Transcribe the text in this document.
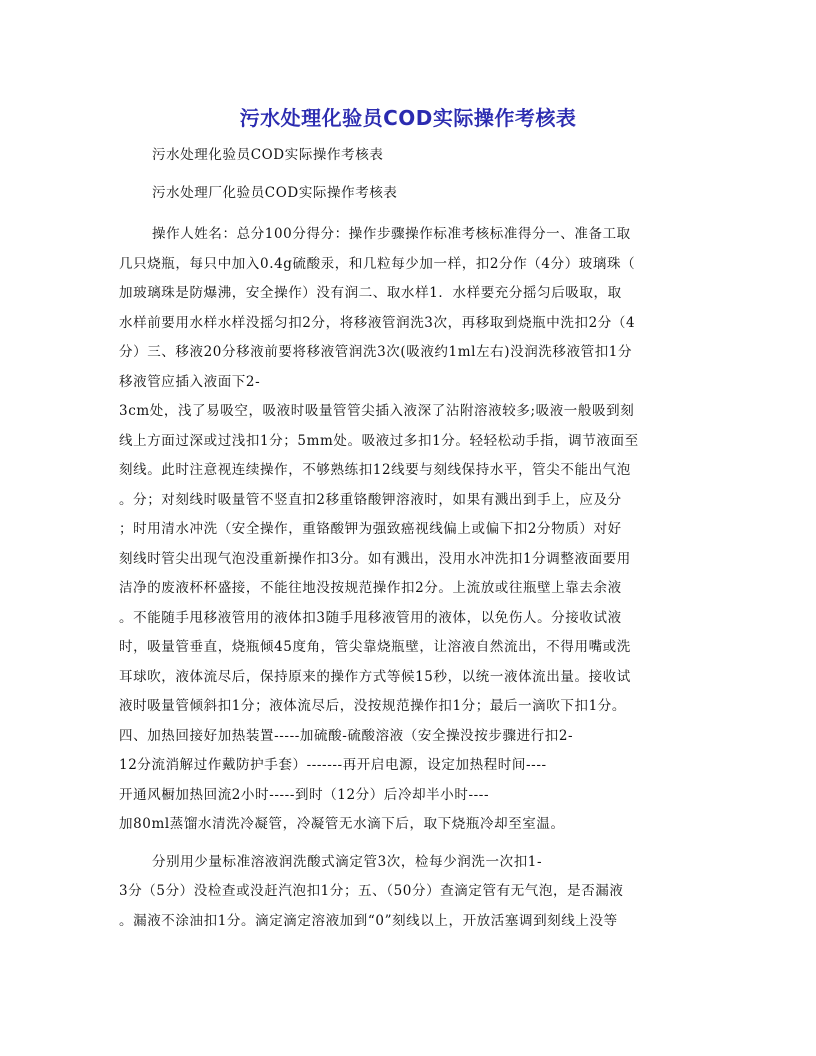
污水处理化验员COD实际操作考核表
污水处理化验员COD实际操作考核表
污水处理厂化验员COD实际操作考核表
操作人姓名：总分100分得分：操作步骤操作标准考核标准得分一、准备工取
几只烧瓶，每只中加入0.4g硫酸汞，和几粒每少加一样，扣2分作（4分）玻璃珠（
加玻璃珠是防爆沸，安全操作）没有润二、取水样1．水样要充分摇匀后吸取，取
水样前要用水样水样没摇匀扣2分，将移液管润洗3次，再移取到烧瓶中洗扣2分（4
分）三、移液20分移液前要将移液管润洗3次(吸液约1ml左右)没润洗移液管扣1分
移液管应插入液面下2-
3cm处，浅了易吸空，吸液时吸量管管尖插入液深了沾附溶液较多;吸液一般吸到刻
线上方面过深或过浅扣1分；5mm处。吸液过多扣1分。轻轻松动手指，调节液面至
刻线。此时注意视连续操作，不够熟练扣12线要与刻线保持水平，管尖不能出气泡
。分；对刻线时吸量管不竖直扣2移重铬酸钾溶液时，如果有溅出到手上，应及分
；时用清水冲洗（安全操作，重铬酸钾为强致癌视线偏上或偏下扣2分物质）对好
刻线时管尖出现气泡没重新操作扣3分。如有溅出，没用水冲洗扣1分调整液面要用
洁净的废液杯杯盛接，不能往地没按规范操作扣2分。上流放或往瓶壁上靠去余液
。不能随手甩移液管用的液体扣3随手甩移液管用的液体，以免伤人。分接收试液
时，吸量管垂直，烧瓶倾45度角，管尖靠烧瓶壁，让溶液自然流出，不得用嘴或洗
耳球吹，液体流尽后，保持原来的操作方式等候15秒，以统一液体流出量。接收试
液时吸量管倾斜扣1分；液体流尽后，没按规范操作扣1分；最后一滴吹下扣1分。
四、加热回接好加热装置-----加硫酸-硫酸溶液（安全操没按步骤进行扣2-
12分流消解过作戴防护手套）-------再开启电源，设定加热程时间----
开通风橱加热回流2小时-----到时（12分）后冷却半小时----
加80ml蒸馏水清洗冷凝管，冷凝管无水滴下后，取下烧瓶冷却至室温。
分别用少量标准溶液润洗酸式滴定管3次，检每少润洗一次扣1-
3分（5分）没检查或没赶汽泡扣1分；五、（50分）查滴定管有无气泡，是否漏液
。漏液不涂油扣1分。滴定滴定溶液加到“0”刻线以上，开放活塞调到刻线上没等
